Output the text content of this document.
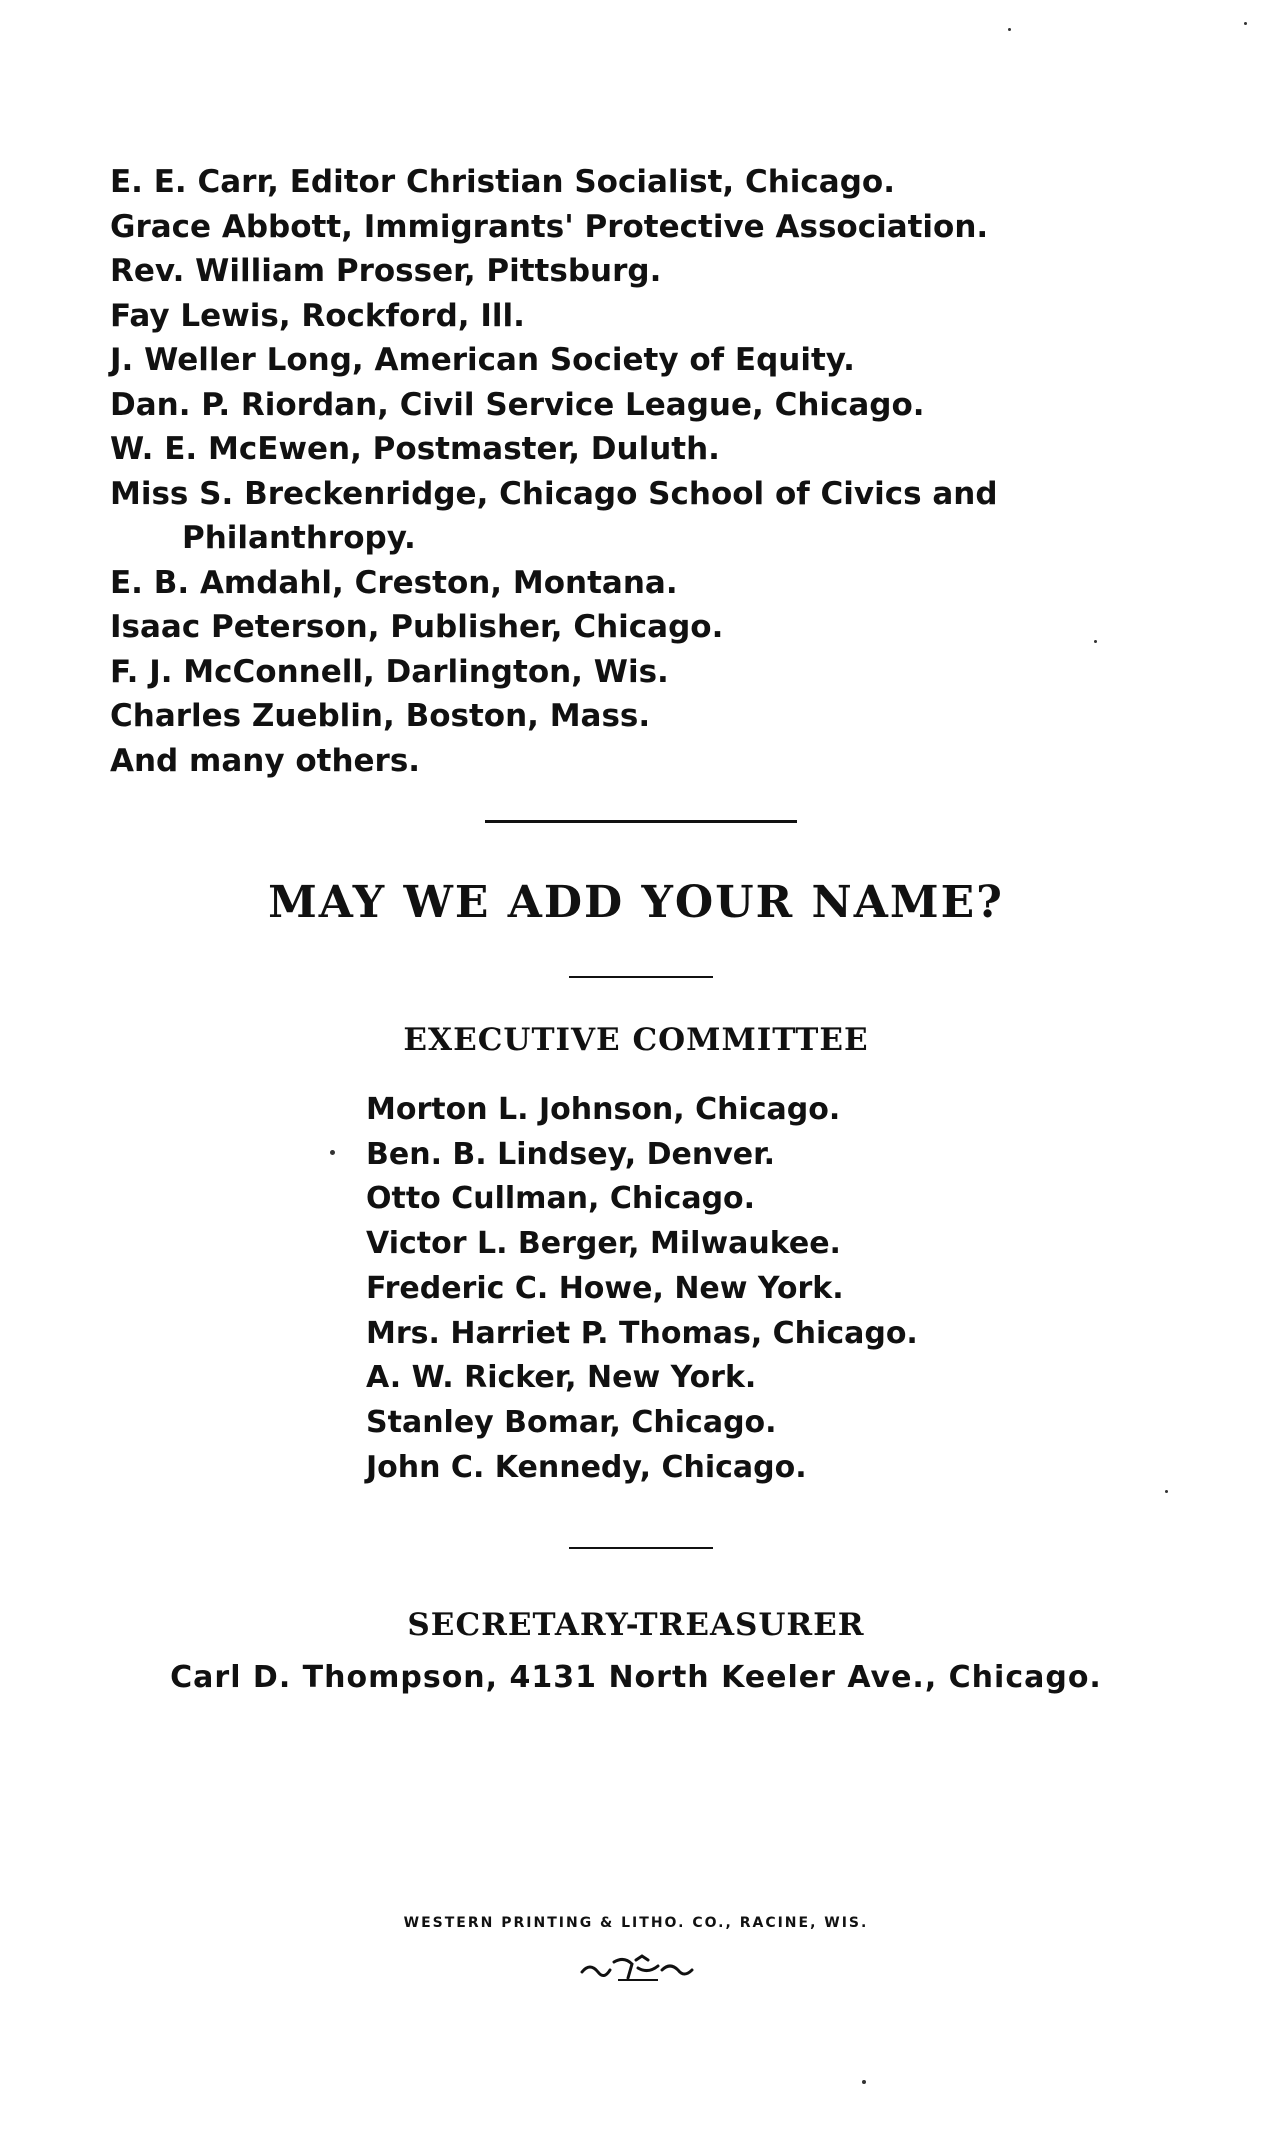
E. E. Carr, Editor Christian Socialist, Chicago.
Grace Abbott, Immigrants' Protective Association.
Rev. William Prosser, Pittsburg.
Fay Lewis, Rockford, Ill.
J. Weller Long, American Society of Equity.
Dan. P. Riordan, Civil Service League, Chicago.
W. E. McEwen, Postmaster, Duluth.
Miss S. Breckenridge, Chicago School of Civics and Philanthropy.
E. B. Amdahl, Creston, Montana.
Isaac Peterson, Publisher, Chicago.
F. J. McConnell, Darlington, Wis.
Charles Zueblin, Boston, Mass.
And many others.
MAY WE ADD YOUR NAME?
EXECUTIVE COMMITTEE
Morton L. Johnson, Chicago.
Ben. B. Lindsey, Denver.
Otto Cullman, Chicago.
Victor L. Berger, Milwaukee.
Frederic C. Howe, New York.
Mrs. Harriet P. Thomas, Chicago.
A. W. Ricker, New York.
Stanley Bomar, Chicago.
John C. Kennedy, Chicago.
SECRETARY-TREASURER
Carl D. Thompson, 4131 North Keeler Ave., Chicago.
WESTERN PRINTING & LITHO. CO., RACINE, WIS.
